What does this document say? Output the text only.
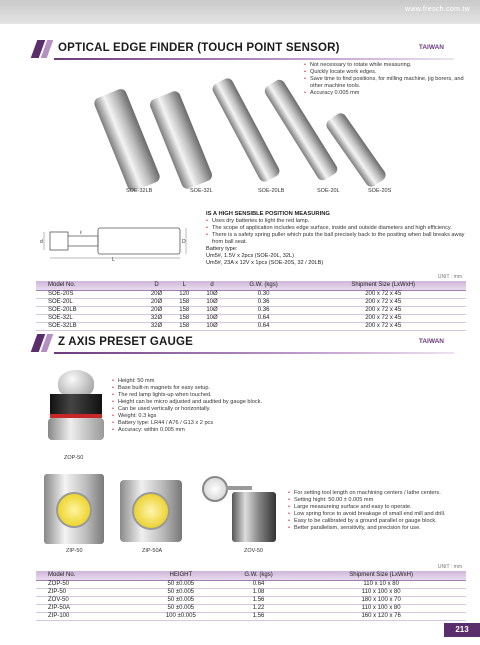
www.fresch.com.tw
OPTICAL EDGE FINDER (TOUCH POINT SENSOR)	TAIWAN
• Not necessary to rotate while measuring.
• Quickly locate work edges.
• Save time to find positions, for milling machine, jig borers, and other machine tools.
• Accuracy 0.005 mm
SOE-32LB	SOE-32L	SOE-20LB	SOE-20L	SOE-20S
d	D
L
ℓ
IS A HIGH SENSIBLE POSITION MEASURING
• Uses dry batteries to light the red lamp.
• The scope of application includes edge surface, inside and outside diameters and high efficiency.
• There is a safety spring puller which puts the ball precisely back to the positing when ball breaks away from ball seat.
Battery type:
Um5#, 1.5V x 2pcs (SOE-20L, 32L)
Um5#, 23A x 12V x 1pcs (SOE-20S, 32 / 20LB)
UNIT : mm
Model No.	D	L	d	G.W. (kgs)	Shipment Size (LxWxH)
SOE-20S	20Ø	120	10Ø	0.30	200 x 72 x 45
SOE-20L	20Ø	158	10Ø	0.36	200 x 72 x 45
SOE-20LB	20Ø	158	10Ø	0.36	200 x 72 x 45
SOE-32L	32Ø	158	10Ø	0.64	200 x 72 x 45
SOE-32LB	32Ø	158	10Ø	0.64	200 x 72 x 45
Z AXIS PRESET GAUGE	TAIWAN
ZOP-50
• Height: 50 mm
• Base built-in magnets for easy setup.
• The red lamp lights-up when touched.
• Height can be micro adjusted and audited by gauge block.
• Can be used vertically or horizontally.
• Weight: 0.3 kgs
• Battery type: LR44 / A76 / G13 x 2 pcs
• Accuracy: within 0.005 mm
ZIP-50	ZIP-50A	ZOV-50
• For setting tool length on machining centers / lathe centers.
• Setting hight: 50.00 ± 0.005 mm
• Large measureing surface and easy to operate.
• Low spring force to avoid breakage of small end mill and drill.
• Easy to be calibrated by a ground parallel or gauge block.
• Better parallelism, sensitivity, and precision for use.
UNIT : mm
Model No.	HEIGHT	G.W. (kgs)	Shipment Size (LxWxH)
ZOP-50	50 ±0.005	0.64	110 x 10 x 80
ZIP-50	50 ±0.005	1.08	110 x 100 x 80
ZOV-50	50 ±0.005	1.56	180 x 100 x 70
ZIP-50A	50 ±0.005	1.22	110 x 100 x 80
ZIP-100	100 ±0.005	1.56	160 x 120 x 76
213
